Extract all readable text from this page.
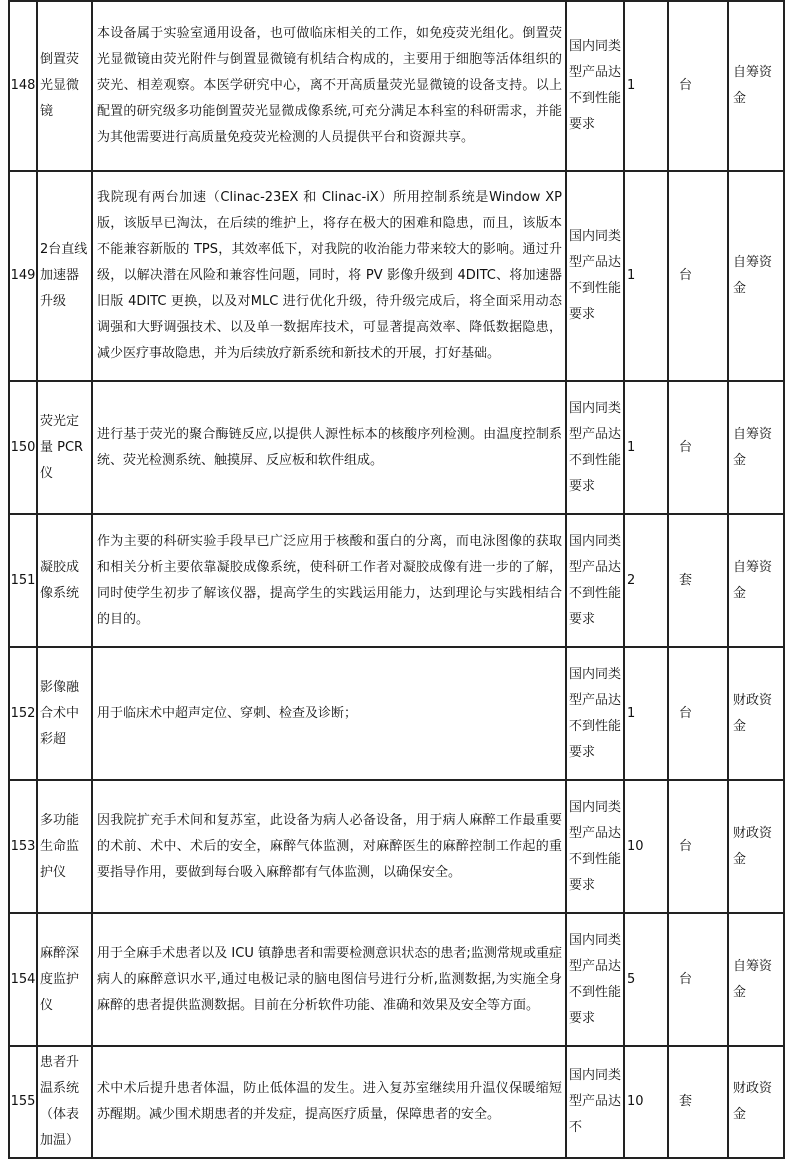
148	倒置荧光显微镜	本设备属于实验室通用设备，也可做临床相关的工作，如免疫荧光组化。倒置荧光显微镜由荧光附件与倒置显微镜有机结合构成的，主要用于细胞等活体组织的荧光、相差观察。本医学研究中心，离不开高质量荧光显微镜的设备支持。以上配置的研究级多功能倒置荧光显微成像系统,可充分满足本科室的科研需求，并能为其他需要进行高质量免疫荧光检测的人员提供平台和资源共享。	国内同类型产品达不到性能要求	1	台	自筹资金
149	2台直线加速器升级	我院现有两台加速（Clinac-23EX 和 Clinac-iX）所用控制系统是Window XP 版，该版早已淘汰，在后续的维护上，将存在极大的困难和隐患，而且，该版本不能兼容新版的 TPS，其效率低下，对我院的收治能力带来较大的影响。通过升级，以解决潜在风险和兼容性问题，同时，将 PV 影像升级到 4DITC、将加速器旧版 4DITC 更换，以及对MLC 进行优化升级，待升级完成后，将全面采用动态调强和大野调强技术、以及单一数据库技术，可显著提高效率、降低数据隐患，减少医疗事故隐患，并为后续放疗新系统和新技术的开展，打好基础。	国内同类型产品达不到性能要求	1	台	自筹资金
150	荧光定量 PCR 仪	进行基于荧光的聚合酶链反应,以提供人源性标本的核酸序列检测。由温度控制系统、荧光检测系统、触摸屏、反应板和软件组成。	国内同类型产品达不到性能要求	1	台	自筹资金
151	凝胶成像系统	作为主要的科研实验手段早已广泛应用于核酸和蛋白的分离，而电泳图像的获取和相关分析主要依靠凝胶成像系统，使科研工作者对凝胶成像有进一步的了解，同时使学生初步了解该仪器，提高学生的实践运用能力，达到理论与实践相结合的目的。	国内同类型产品达不到性能要求	2	套	自筹资金
152	影像融合术中彩超	用于临床术中超声定位、穿刺、检查及诊断；	国内同类型产品达不到性能要求	1	台	财政资金
153	多功能生命监护仪	因我院扩充手术间和复苏室，此设备为病人必备设备，用于病人麻醉工作最重要的术前、术中、术后的安全，麻醉气体监测，对麻醉医生的麻醉控制工作起的重要指导作用，要做到每台吸入麻醉都有气体监测，以确保安全。	国内同类型产品达不到性能要求	10	台	财政资金
154	麻醉深度监护仪	用于全麻手术患者以及 ICU 镇静患者和需要检测意识状态的患者;监测常规或重症病人的麻醉意识水平,通过电极记录的脑电图信号进行分析,监测数据,为实施全身麻醉的患者提供监测数据。目前在分析软件功能、准确和效果及安全等方面。	国内同类型产品达不到性能要求	5	台	自筹资金
155	患者升温系统（体表加温）	术中术后提升患者体温，防止低体温的发生。进入复苏室继续用升温仪保暖缩短苏醒期。减少围术期患者的并发症，提高医疗质量，保障患者的安全。	国内同类型产品达不	10	套	财政资金
